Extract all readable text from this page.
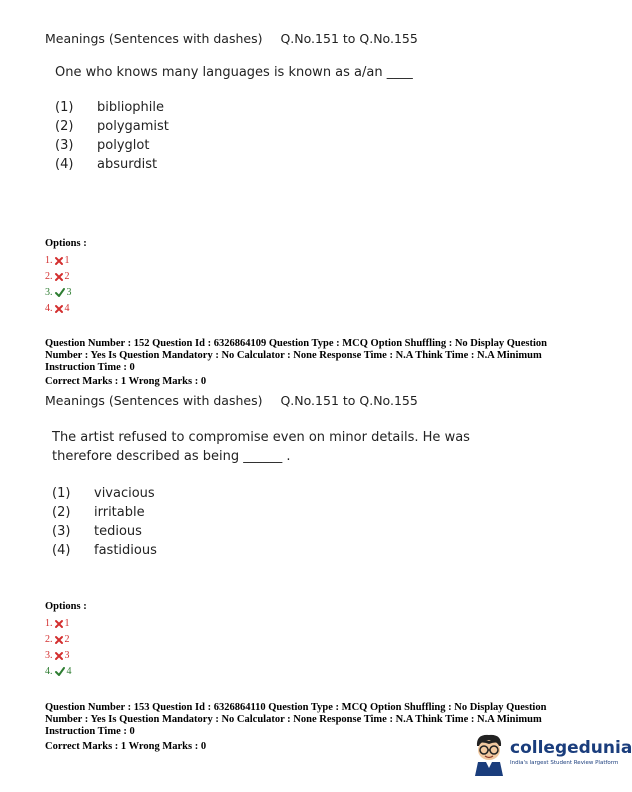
Meanings (Sentences with dashes) Q.No.151 to Q.No.155
One who knows many languages is known as a/an ____
(1) bibliophile
(2) polygamist
(3) polyglot
(4) absurdist
Options :
1. 1
2. 2
3. 3
4. 4
Question Number : 152 Question Id : 6326864109 Question Type : MCQ Option Shuffling : No Display Question Number : Yes Is Question Mandatory : No Calculator : None Response Time : N.A Think Time : N.A Minimum Instruction Time : 0
Correct Marks : 1 Wrong Marks : 0
Meanings (Sentences with dashes) Q.No.151 to Q.No.155
The artist refused to compromise even on minor details. He was
therefore described as being ______ .
(1) vivacious
(2) irritable
(3) tedious
(4) fastidious
Options :
1. 1
2. 2
3. 3
4. 4
Question Number : 153 Question Id : 6326864110 Question Type : MCQ Option Shuffling : No Display Question Number : Yes Is Question Mandatory : No Calculator : None Response Time : N.A Think Time : N.A Minimum Instruction Time : 0
Correct Marks : 1 Wrong Marks : 0	collegedunia
India's largest Student Review Platform
